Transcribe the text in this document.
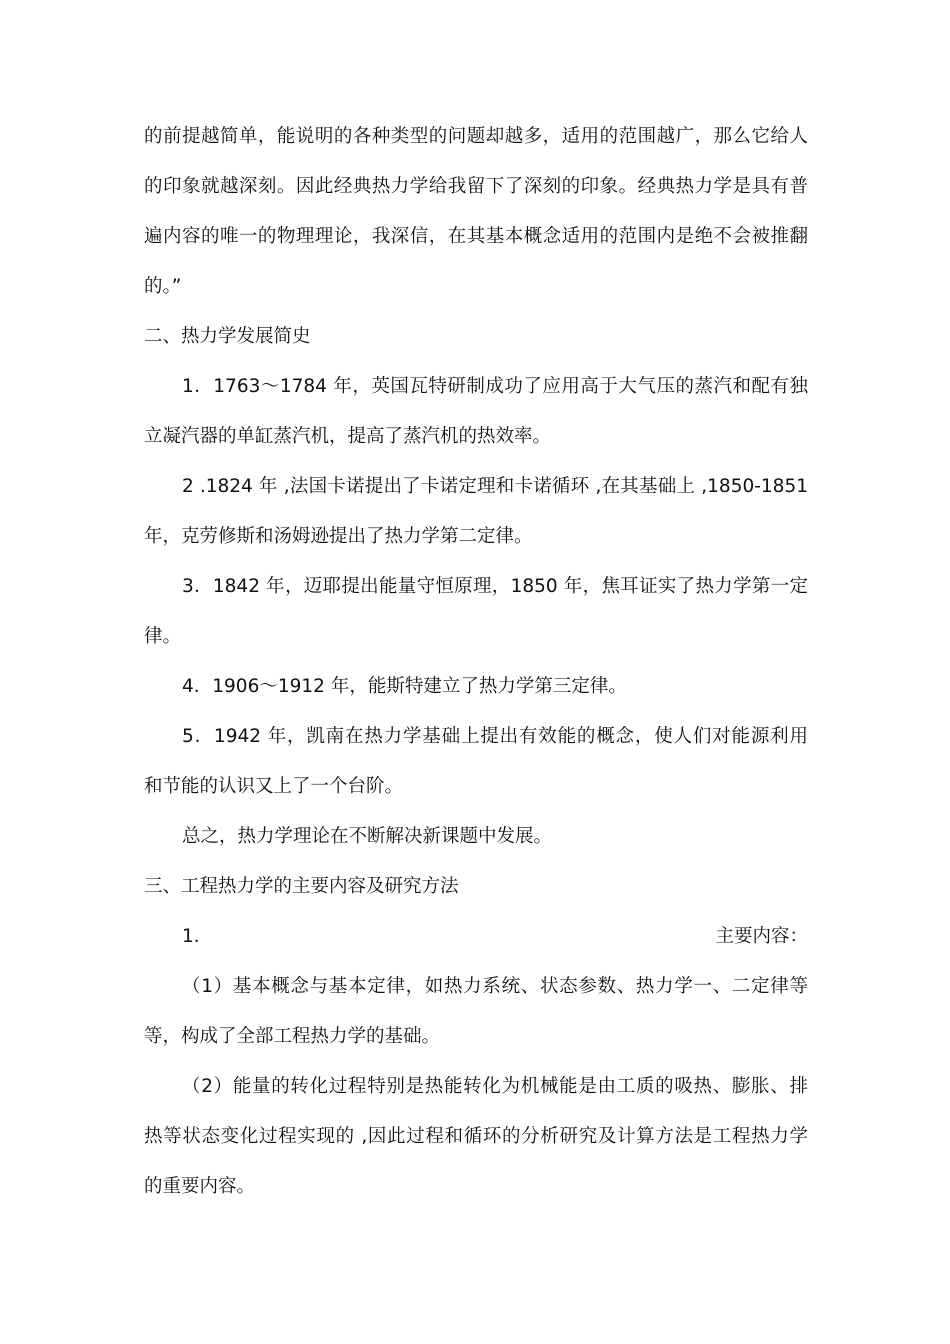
的前提越简单，能说明的各种类型的问题却越多，适用的范围越广，那么它给人
的印象就越深刻。因此经典热力学给我留下了深刻的印象。经典热力学是具有普
遍内容的唯一的物理理论，我深信，在其基本概念适用的范围内是绝不会被推翻
的。”
二、热力学发展简史
1．1763～1784 年，英国瓦特研制成功了应用高于大气压的蒸汽和配有独
立凝汽器的单缸蒸汽机，提高了蒸汽机的热效率。
2 .1824 年 ,法国卡诺提出了卡诺定理和卡诺循环 ,在其基础上 ,1850-1851
年，克劳修斯和汤姆逊提出了热力学第二定律。
3．1842 年，迈耶提出能量守恒原理，1850 年，焦耳证实了热力学第一定
律。
4．1906～1912 年，能斯特建立了热力学第三定律。
5．1942 年，凯南在热力学基础上提出有效能的概念，使人们对能源利用
和节能的认识又上了一个台阶。
总之，热力学理论在不断解决新课题中发展。
三、工程热力学的主要内容及研究方法
1．	主要内容：
（1）基本概念与基本定律，如热力系统、状态参数、热力学一、二定律等
等，构成了全部工程热力学的基础。
（2）能量的转化过程特别是热能转化为机械能是由工质的吸热、膨胀、排
热等状态变化过程实现的 ,因此过程和循环的分析研究及计算方法是工程热力学
的重要内容。
